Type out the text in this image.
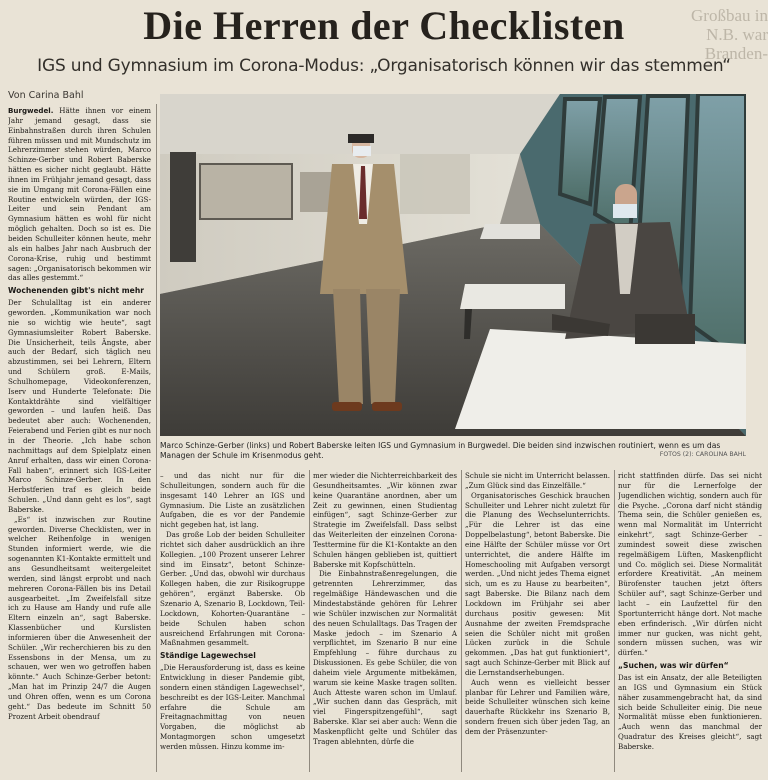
Die Herren der Checklisten	Großbau in
N.B. war
Branden-
IGS und Gymnasium im Corona-Modus: „Organisatorisch können wir das stemmen“
Von Carina Bahl

Burgwedel. Hätte ihnen vor einem Jahr jemand gesagt, dass sie Einbahnstraßen durch ihren Schulen führen müssen und mit Mundschutz im Lehrerzimmer stehen würden, Marco Schinze-Gerber und Robert Baberske hätten es sicher nicht geglaubt. Hätte ihnen im Frühjahr jemand gesagt, dass sie im Umgang mit Corona-Fällen eine Routine entwickeln würden, der IGS-Leiter und sein Pendant am Gymnasium hätten es wohl für nicht möglich gehalten. Doch so ist es. Die beiden Schulleiter können heute, mehr als ein halbes Jahr nach Ausbruch der Corona-Krise, ruhig und bestimmt sagen: „Organisatorisch bekommen wir das alles gestemmt.“

Wochenenden gibt's nicht mehr

Der Schulalltag ist ein anderer geworden. „Kommunikation war noch nie so wichtig wie heute“, sagt Gymnasiumsleiter Robert Baberske. Die Unsicherheit, teils Ängste, aber auch der Bedarf, sich täglich neu abzustimmen, sei bei Lehrern, Eltern und Schülern groß. E-Mails, Schulhomepage, Videokonferenzen, Iserv und Hunderte Telefonate: Die Kontaktdrähte sind vielfältiger geworden – und laufen heiß. Das bedeutet aber auch: Wochenenden, Feierabend und Ferien gibt es nur noch in der Theorie. „Ich habe schon nachmittags auf dem Spielplatz einen Anruf erhalten, dass wir einen Corona-Fall haben“, erinnert sich IGS-Leiter Marco Schinze-Gerber. In den Herbstferien traf es gleich beide Schulen. „Und dann geht es los“, sagt Baberske.

„Es“ ist inzwischen zur Routine geworden. Diverse Checklisten, wer in welcher Reihenfolge in wenigen Stunden informiert werde, wie die sogenannten K1-Kontakte ermittelt und ans Gesundheitsamt weitergeleitet werden, sind längst erprobt und nach mehreren Corona-Fällen bis ins Detail ausgearbeitet. „Im Zweifelsfall sitze ich zu Hause am Handy und rufe alle Eltern einzeln an“, sagt Baberske. Klassenbücher und Kurslisten informieren über die Anwesenheit der Schüler. „Wir recherchieren bis zu den Essensbons in der Mensa, um zu schauen, wer wen wo getroffen haben könnte.“ Auch Schinze-Gerber betont: „Man hat im Prinzip 24/7 die Augen und Ohren offen, wenn es um Corona geht.“ Das bedeute im Schnitt 50 Prozent Arbeit obendrauf

Marco Schinze-Gerber (links) und Robert Baberske leiten IGS und Gymnasium in Burgwedel. Die beiden sind inzwischen routiniert, wenn es um das Managen der Schule im Krisenmodus geht.	FOTOS (2): CAROLINA BAHL

– und das nicht nur für die Schulleitungen, sondern auch für die insgesamt 140 Lehrer an IGS und Gymnasium. Die Liste an zusätzlichen Aufgaben, die es vor der Pandemie nicht gegeben hat, ist lang.

Das große Lob der beiden Schulleiter richtet sich daher ausdrücklich an ihre Kollegien. „100 Prozent unserer Lehrer sind im Einsatz“, betont Schinze-Gerber. „Und das, obwohl wir durchaus Kollegen haben, die zur Risikogruppe gehören“, ergänzt Baberske. Ob Szenario A, Szenario B, Lockdown, Teil-Lockdown, Kohorten-Quarantäne – beide Schulen haben schon ausreichend Erfahrungen mit Corona-Maßnahmen gesammelt.

Ständige Lagewechsel

„Die Herausforderung ist, dass es keine Entwicklung in dieser Pandemie gibt, sondern einen ständigen Lagewechsel“, beschreibt es der IGS-Leiter. Manchmal erfahre die Schule am Freitagnachmittag von neuen Vorgaben, die möglichst ab Montagmorgen schon umgesetzt werden müssen. Hinzu komme im-

mer wieder die Nichterreichbarkeit des Gesundheitsamtes. „Wir können zwar keine Quarantäne anordnen, aber um Zeit zu gewinnen, einen Studientag einfügen“, sagt Schinze-Gerber zur Strategie im Zweifelsfall. Dass selbst das Weiterleiten der einzelnen Corona-Testtermine für die K1-Kontakte an den Schulen hängen geblieben ist, quittiert Baberske mit Kopfschütteln.

Die Einbahnstraßenregelungen, die getrennten Lehrerzimmer, das regelmäßige Händewaschen und die Mindestabstände gehören für Lehrer wie Schüler inzwischen zur Normalität des neuen Schulalltags. Das Tragen der Maske jedoch – im Szenario A verpflichtet, im Szenario B nur eine Empfehlung – führe durchaus zu Diskussionen. Es gebe Schüler, die von daheim viele Argumente mitbekämen, warum sie keine Maske tragen sollten. Auch Atteste waren schon im Umlauf. „Wir suchen dann das Gespräch, mit viel Fingerspitzengefühl“, sagt Baberske. Klar sei aber auch: Wenn die Maskenpflicht gelte und Schüler das Tragen ablehnten, dürfe die

Schule sie nicht im Unterricht belassen. „Zum Glück sind das Einzelfälle.“

Organisatorisches Geschick brauchen Schulleiter und Lehrer nicht zuletzt für die Planung des Wechselunterrichts. „Für die Lehrer ist das eine Doppelbelastung“, betont Baberske. Die eine Hälfte der Schüler müsse vor Ort unterrichtet, die andere Hälfte im Homeschooling mit Aufgaben versorgt werden. „Und nicht jedes Thema eignet sich, um es zu Hause zu bearbeiten“, sagt Baberske. Die Bilanz nach dem Lockdown im Frühjahr sei aber durchaus positiv gewesen: Mit Ausnahme der zweiten Fremdsprache seien die Schüler nicht mit großen Lücken zurück in die Schule gekommen. „Das hat gut funktioniert“, sagt auch Schinze-Gerber mit Blick auf die Lernstandserhebungen.

Auch wenn es vielleicht besser planbar für Lehrer und Familien wäre, beide Schulleiter wünschen sich keine dauerhafte Rückkehr ins Szenario B, sondern freuen sich über jeden Tag, an dem der Präsenzunter-

richt stattfinden dürfe. Das sei nicht nur für die Lernerfolge der Jugendlichen wichtig, sondern auch für die Psyche. „Corona darf nicht ständig Thema sein, die Schüler genießen es, wenn mal Normalität im Unterricht einkehrt“, sagt Schinze-Gerber – zumindest soweit diese zwischen regelmäßigem Lüften, Maskenpflicht und Co. möglich sei. Diese Normalität erfordere Kreativität. „An meinem Bürofenster tauchen jetzt öfters Schüler auf“, sagt Schinze-Gerber und lacht – ein Laufzettel für den Sportunterricht hänge dort. Not mache eben erfinderisch. „Wir dürfen nicht immer nur gucken, was nicht geht, sondern müssen suchen, was wir dürfen.“

„Suchen, was wir dürfen“

Das ist ein Ansatz, der alle Beteiligten an IGS und Gymnasium ein Stück näher zusammengebracht hat, da sind sich beide Schulleiter einig. Die neue Normalität müsse eben funktionieren. „Auch wenn das manchmal der Quadratur des Kreises gleicht“, sagt Baberske.
